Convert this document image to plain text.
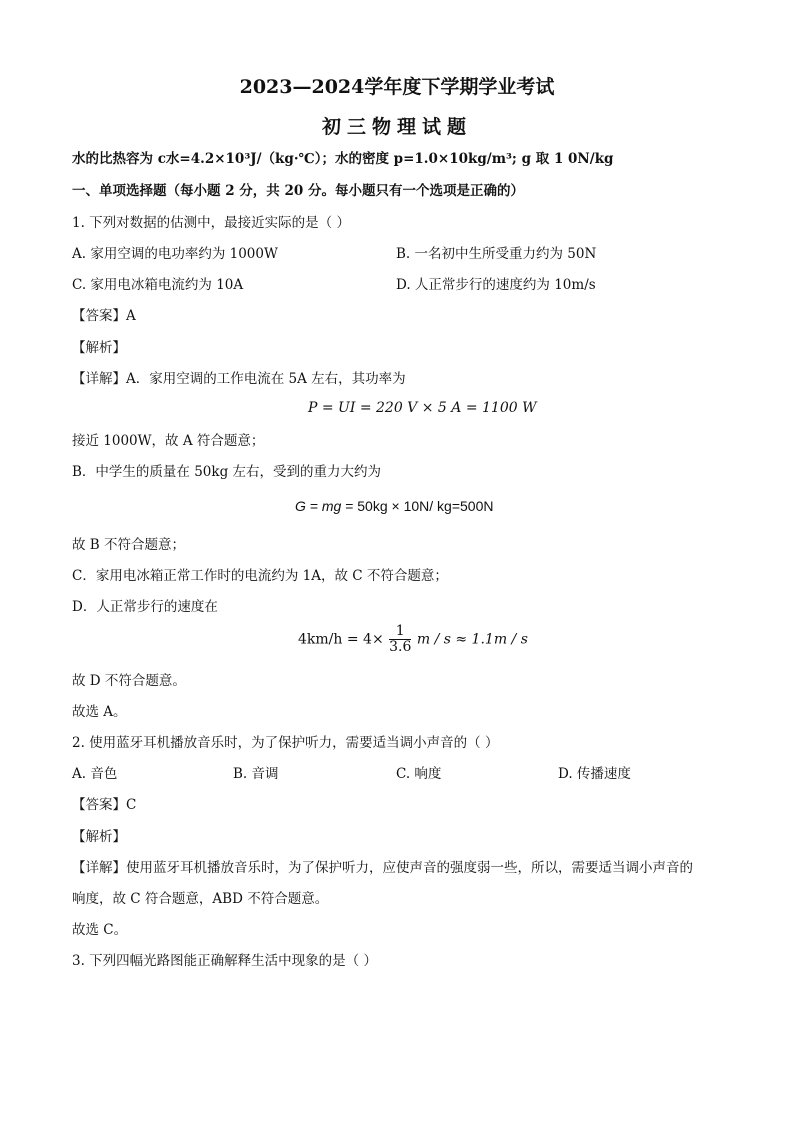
2023—2024学年度下学期学业考试
初三物理试题
水的比热容为 c水=4.2×10³J/（kg·℃）；水的密度 p=1.0×10kg/m³; g 取 1 0N/kg
一、单项选择题（每小题 2 分，共 20 分。每小题只有一个选项是正确的）
1. 下列对数据的估测中，最接近实际的是（ ）
A. 家用空调的电功率约为 1000W	B. 一名初中生所受重力约为 50N
C. 家用电冰箱电流约为 10A	D. 人正常步行的速度约为 10m/s
【答案】A
【解析】
【详解】A．家用空调的工作电流在 5A 左右，其功率为
P = UI = 220 V × 5 A = 1100 W
接近 1000W，故 A 符合题意；
B．中学生的质量在 50kg 左右，受到的重力大约为
G = mg = 50kg × 10N/ kg=500N
故 B 不符合题意；
C．家用电冰箱正常工作时的电流约为 1A，故 C 不符合题意；
D．人正常步行的速度在
$4km/h = 4\times \frac{1}{3.6}$ m / s ≈ 1.1m / s
故 D 不符合题意。
故选 A。
2. 使用蓝牙耳机播放音乐时，为了保护听力，需要适当调小声音的（ ）
A. 音色	B. 音调	C. 响度	D. 传播速度
【答案】C
【解析】
【详解】使用蓝牙耳机播放音乐时，为了保护听力，应使声音的强度弱一些，所以，需要适当调小声音的
响度，故 C 符合题意，ABD 不符合题意。
故选 C。
3. 下列四幅光路图能正确解释生活中现象的是（ ）
